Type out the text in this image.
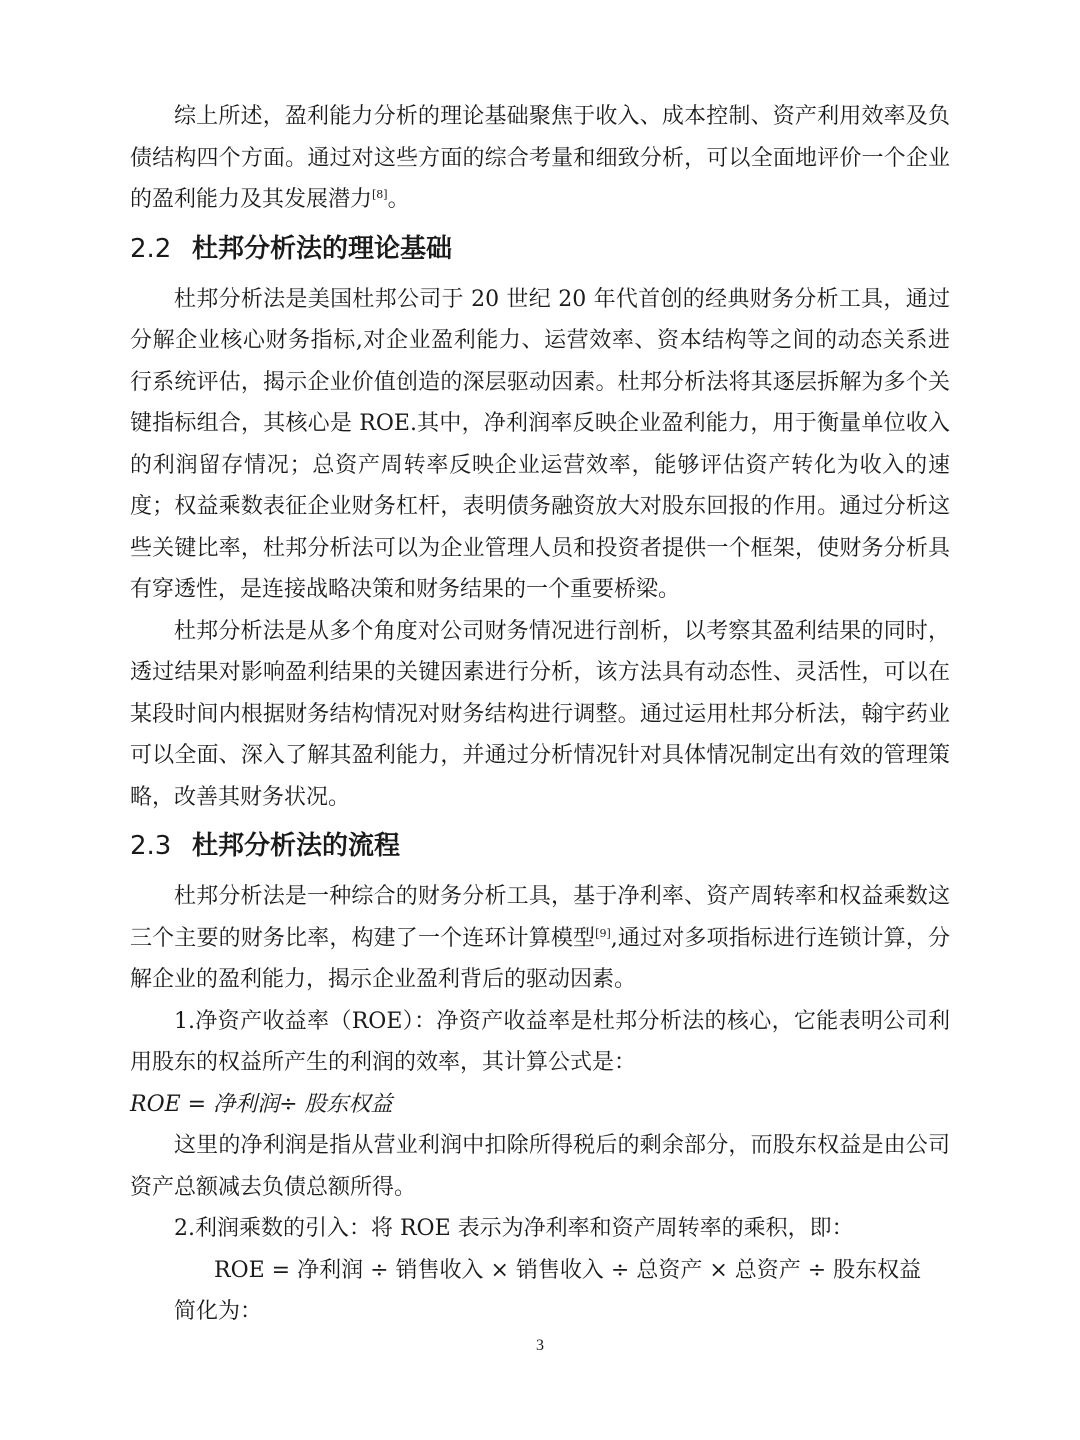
综上所述，盈利能力分析的理论基础聚焦于收入、成本控制、资产利用效率及负债结构四个方面。通过对这些方面的综合考量和细致分析，可以全面地评价一个企业的盈利能力及其发展潜力[8]。

2.2 杜邦分析法的理论基础

杜邦分析法是美国杜邦公司于 20 世纪 20 年代首创的经典财务分析工具，通过分解企业核心财务指标,对企业盈利能力、运营效率、资本结构等之间的动态关系进行系统评估，揭示企业价值创造的深层驱动因素。杜邦分析法将其逐层拆解为多个关键指标组合，其核心是 ROE.其中，净利润率反映企业盈利能力，用于衡量单位收入的利润留存情况；总资产周转率反映企业运营效率，能够评估资产转化为收入的速度；权益乘数表征企业财务杠杆，表明债务融资放大对股东回报的作用。通过分析这些关键比率，杜邦分析法可以为企业管理人员和投资者提供一个框架，使财务分析具有穿透性，是连接战略决策和财务结果的一个重要桥梁。

杜邦分析法是从多个角度对公司财务情况进行剖析，以考察其盈利结果的同时，透过结果对影响盈利结果的关键因素进行分析，该方法具有动态性、灵活性，可以在某段时间内根据财务结构情况对财务结构进行调整。通过运用杜邦分析法，翰宇药业可以全面、深入了解其盈利能力，并通过分析情况针对具体情况制定出有效的管理策略，改善其财务状况。

2.3 杜邦分析法的流程

杜邦分析法是一种综合的财务分析工具，基于净利率、资产周转率和权益乘数这三个主要的财务比率，构建了一个连环计算模型[9],通过对多项指标进行连锁计算，分解企业的盈利能力，揭示企业盈利背后的驱动因素。

1.净资产收益率（ROE）：净资产收益率是杜邦分析法的核心，它能表明公司利用股东的权益所产生的利润的效率，其计算公式是：

ROE = 净利润÷ 股东权益

这里的净利润是指从营业利润中扣除所得税后的剩余部分，而股东权益是由公司资产总额减去负债总额所得。

2.利润乘数的引入：将 ROE 表示为净利率和资产周转率的乘积，即：

ROE = 净利润 ÷ 销售收入 × 销售收入 ÷ 总资产 × 总资产 ÷ 股东权益

简化为：

3
